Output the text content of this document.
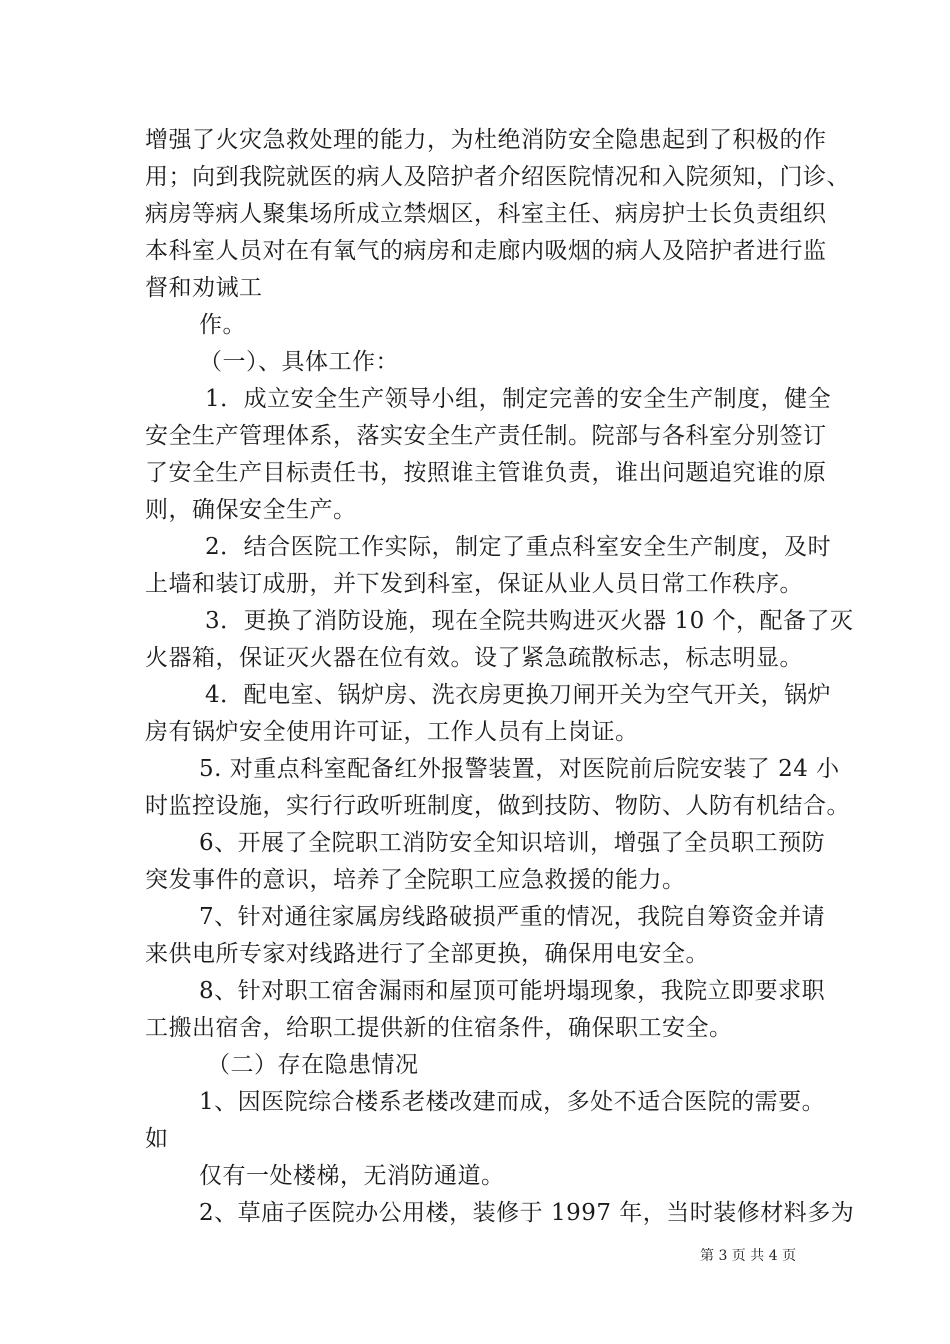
增强了火灾急救处理的能力，为杜绝消防安全隐患起到了积极的作

用；向到我院就医的病人及陪护者介绍医院情况和入院须知，门诊、

病房等病人聚集场所成立禁烟区，科室主任、病房护士长负责组织

本科室人员对在有氧气的病房和走廊内吸烟的病人及陪护者进行监

督和劝诫工

作。

（一）、具体工作：

1．成立安全生产领导小组，制定完善的安全生产制度，健全

安全生产管理体系，落实安全生产责任制。院部与各科室分别签订

了安全生产目标责任书，按照谁主管谁负责，谁出问题追究谁的原

则，确保安全生产。

2．结合医院工作实际，制定了重点科室安全生产制度，及时

上墙和装订成册，并下发到科室，保证从业人员日常工作秩序。

3．更换了消防设施，现在全院共购进灭火器 10 个，配备了灭

火器箱，保证灭火器在位有效。设了紧急疏散标志，标志明显。

4．配电室、锅炉房、洗衣房更换刀闸开关为空气开关，锅炉

房有锅炉安全使用许可证，工作人员有上岗证。

5. 对重点科室配备红外报警装置，对医院前后院安装了 24 小

时监控设施，实行行政听班制度，做到技防、物防、人防有机结合。

6、开展了全院职工消防安全知识培训，增强了全员职工预防

突发事件的意识，培养了全院职工应急救援的能力。

7、针对通往家属房线路破损严重的情况，我院自筹资金并请

来供电所专家对线路进行了全部更换，确保用电安全。

8、针对职工宿舍漏雨和屋顶可能坍塌现象，我院立即要求职

工搬出宿舍，给职工提供新的住宿条件，确保职工安全。

（二）存在隐患情况

1、因医院综合楼系老楼改建而成，多处不适合医院的需要。

如

仅有一处楼梯，无消防通道。

2、草庙子医院办公用楼，装修于 1997 年，当时装修材料多为

第 3 页 共 4 页
